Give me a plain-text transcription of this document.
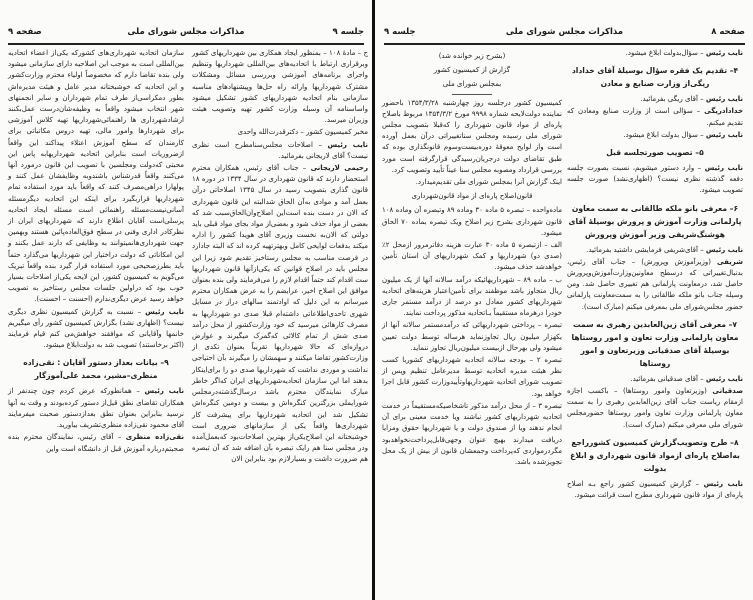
جلسه ۹
مذاکرات مجلس شورای ملی
صفحه ۹

ج – مادهٔ ۱۰۸ – بمنظور ایجاد همکاری بین شهرداریهای کشور وبرقراری ارتباط با اتحادیه‌های بین‌المللی شهرداریها وتنظیم واجرای برنامه‌های آموزشی وبررسی مسائل ومشکلات مشترک شهرداریها وارائه راه حل‌ها وپیشنهادهای مناسبه سازمانی بنام اتحادیه شهرداریهای کشور تشکیل میشود واساسنامه آن وسیله وزارت کشور تهیه وتصویب هیئت وزیران میرسد.

مخبر کمیسیون کشور – دکترقدرت‌الله واحدی

نایب رئیس – اصلاحات مجلس‌سنامطرح است نظری نیست؟ آقای لاریجانی بفرمائید.

رحیمی لاریجانی – جناب آقای رئیس، همکاران محترم استحضار دارند که قانون شهرداری در سال ۱۳۳۴ در دوره ۱۸ قانون گذاری بتصویب رسید در سال ۱۳۴۵ اصلاحاتی درآن بعمل آمد و موادی به‌آن الحاق شدالبته این قانون شهرداری که الان در دست بنده است‌این اصلاح‌وان‌الحاق‌سبب شد که بعضی از مواد حذف شود و بعضی‌از مواد بجای مواد قبلی باید دولتی که الان‌به نخست وزیری آقای هویدا کشور را اداره میکند بدفعات لوایحی کامل وبهترتهیه کرده اند که البته جادارد در فرصت مناسب به مجلس رستاخیز تقدیم شود زیرا این مجلس باید در اصلاح قوانین که یکی‌ازآنها قانون شهرداریها ست اقدام کند حتماً اقدام لازم را می‌فرمایند ولی بنده بعنوان موافق این اصلاح اخیر، عرایضم را به عرض همکاران محترم میرسانم به این دلیل که اوادتمند سالهای دراز در مسایل شهری تاحدی‌اطلاعاتی داشته‌ام قبلا صدی دو شهرداریها به مصرف کارهائی میرسید که خود وزارت‌کشور از محل درآمد صدی شش از تمام کالائی که‌گمرک میگیرند و عوارض دروازه‌ای که حالا شهرداریها تقریباً بعنوان تکدی از وزارت‌کشور تقاضا میکنند و سهمشان را میگیرند بآن احتیاجی نداشت و موردی نداشت که شهرداریها صدی دو را برای‌اینکار بدهند اما این سازمان اتحادیه‌شهرداریهای ایران که‌اگر خاطر مبارک نمایندگان محترم باشد درسال‌گذشته‌درمجلس شورایملی بزرگترین کنگره‌اش و بیست و دومین کنگره‌اش تشکیل شد این اتحادیه شهرداریها برای پیشرفت کار شهرداری‌ها واقعاً یکی از سازمانهای ضروری است خوشبختانه این اصلاح‌یکی‌از بهترین اصلاحات‌بود که‌بعمل‌آمده ودر مجلس سنا هم رایک تبصره بآن اضافه شد که آن تبصره هم ضرورت داشت و بسیارلازم بود بنابراین الان

سازمان اتحادیه شهرداری‌های کشورکه یکی‌از اعضاء اتحادیه بین‌المللی است به موجب این اصلاحیه دارای سازمانی میشود ولی بنده تقاضا دارم که مخصوصاً اولیاء محترم وزارت‌کشور و این اتحادیه که خوشبختانه مدیر عامل و هیئت مدیره‌اش بطور دمکراسی‌از طرف تمام شهرداران و سایر انجمنهای شهر انتخاب میشود واقعاً به وظیفه‌شان‌درست عمل‌بکنند ارشادشهرداری ها راهنمائی‌شهرداریها تهیه کلاس آموزشی برای شهردارها وامور مالی، تهیه دروس مکاتباتی برای کارمندان که سطح آموزش اعتلاء پیداکند این واقعاً ازضروریات است بنابراین اتحادیه شهرداریهابه پاس این محبتی که‌دولت ومجلسین با تصویب این قانون درمورد آنها می‌کنند واقعاً قدرشناس باشندوبه وظایفشان عمل کنند و پولهارا دراهی‌مصرف کنند که واقعاً باید مورد استفاده تمام شهرداریها قراربگیرد برای اینکه این اتحادیه دیگرمسئله آسانی‌نیست‌مسئله راهنمائی است مسئله ایجاد اتحادیه پرسلی‌است آقایان اطلاع دارند که شهرداریهای ایران از نظرکادر اداری وفنی در سطح فوق‌العاده‌پائین هستند وبهمین جهت شهرداری‌هانمیتوانند به وظایفی که دارند عمل بکنند و این امکاناتی که دولت دراختیار این شهرداریها می‌گذارد حتماً باید بطرزصحیحی مورد استفاده قرار گیرد بنده واقعاً تبریک می‌گویم به کمیسیون کشور، این لایحه یکی‌از اصلاحات بسیار خوب بود که دراولین جلسات مجلس رستاخیز به تصویب خواهد رسید عرض دیگری‌ندارم (احسنت – احسنت).

نایب رئیس – نسبت به گزارش کمیسیون نظری دیگری نیست؟ (اظهاری نشد) بگزارش کمیسیون کشور رأی میگیریم خانمها وآقایانی که موافقند خواهش‌می کنم قیام فرمایند (اکثر برخاستند) تصویب شد به دولت‌ابلاغ میشود.

۹– بیانات بعداز دستور آقایان : نقی‌زاده منظری–مشیر، محمد علی‌آموزگار

نایب رئیس – همانطورکه عرض کردم چون چندنفر از همکاران تقاضای نطق قبل‌از دستور کرده‌بودند و وقت به آنها نرسید بنابراین بعنوان نطق بعدازدستور صحبت میفرمایند آقای محمود نقی‌زاده منظری‌تشریف بیاورید.

نقی‌زاده منظری – آقای رئیس، نمایندگان محترم بنده صحبتم‌درباره آموزش قبل از دانشگاه است واین

صفحه ۸
مذاکرات مجلس شورای ملی
جلسه ۹

نایب رئیس – سؤال‌بدولت ابلاغ میشود.

۴– تقدیم یک فقره سؤال بوسیلهٔ آقای خداداد ریگی‌از وزارت صنایع و معادن

نایب رئیس – آقای ریگی بفرمائید.

خدادادریگی – سؤالی است از وزارت صنایع ومعادن که تقدیم میکنم.

نایب رئیس – سؤال بدولت ابلاغ میشود.

۵– تصویب صورتجلسه قبل

نایب رئیس – وارد دستور میشویم، نسبت بصورت جلسه دفعه گذشته نظری نیست؟ (اظهاری‌نشد) صورت جلسه تصویب میشود.

۶– معرفی بانو ملکه طالقانی به سمت معاون پارلمانی وزارت آموزش و پرورش بوسیلهٔ آقای هوشنگ‌شریفی وزیر آموزش وپرورش

نایب رئیس – آقای‌شریفی فرمایشی داشتید بفرمائید.

شریفی (وزیرآموزش وپرورش) – جناب آقای رئیس، بدنبال‌تغییراتی که درسطح معاونین‌وزارت‌آموزش‌وپرورش حاصل شد، درمعاونت پارلمانی هم تغییری حاصل شد. ومن وسیله جناب بانو ملکه طالقانی را به سمت‌معاونت پارلمانی حضور مجلس‌شورای ملی بمعرفی میکنم (مبارک است).

۷– معرفی آقای زین‌العابدین رهبری به سمت معاون پارلمانی وزارت تعاون و امور روستاها بوسیلهٔ آقای صدقیانی وزیرتعاون و امور روستاها

نایب رئیس – آقای صدقیانی بفرمائید.

صدقیانی (وزیرتعاون وامور روستاها) – باکسب اجازه ازمقام ریاست جناب آقای زین‌العابدین رهبری را به سمت معاون پارلمانی وزارت تعاون وامور روستاها حضورمجلس شورای ملی معرفی میکنم (مبارک است).

۸– طرح وتصویب‌گزارش کمیسیون کشورراجع به‌اصلاح پاره‌ای ازمواد قانون شهرداری و ابلاغ بدولت

نایب رئیس – گزارش کمیسیون کشور راجع بـه اصلاح پاره‌ای از مواد قانون شهرداری مطرح است قرائت میشود.

(بشرح زیر خوانده شد)

گزارش از کمیسیون کشور

بمجلس شورای ملی

کمیسیون کشور درجلسه روز چهارشنبه ۱۳۵۴/۳/۲۸ باحضور نماینده دولت‌لایحه شماره ۹۹۹۸ مورخ ۱۳۵۴/۳/۲ مربوط باصلاح پاره‌ای از مواد قانون شهرداری را که‌قبلا بتصویب مجلس شورای ملی رسیده ومجلس سناتغییراتی درآن بعمل آورده است واز لوایح معوقهٔ دوره‌بیست‌وسوم قانونگذاری بوده که طبق تقاضای دولت درجریان‌رسیدگی قرارگرفته است مورد بررسی قرارداد ومصوبه مجلس سنا عیناً تأیید وتصویب کرد.

اینک گزارش آنرا بمجلس شورای ملی تقدیم‌میدارد.

قانون‌اصلاح پاره‌ای از مواد قانون‌شهرداری

ماده‌واحده – تبصره ۵ ماده ۳۰ وماده ۸۹ وتبصره آن وماده ۱۰۸ قانون شهرداری بشرح زیر اصلاح ویک تبصره بماده ۷۰ الحاق میشود.

الف – ازتبصره ۵ ماده ۳۰ عبارت هزینه دفاترمرور ازمحل ۲٪ (صدی دو) شهرداریها و کمک شهرداریهای آن استان تأمین خواهدشد حذف میشود.

ب – ماده ۸۹ – شهرداریهائیکه درآمد سالانه آنها از یک میلیون ریال متجاوز باشد موظفند برای تأمین‌اعتبار هزینه‌های اتحادیه شهرداریهای کشور معادل دو درصد از درآمد مستمر جاری خودرا درهرماه مستقیماً بـاتحادیه مذکور پرداخت نمایند.

تبصره – پرداختی شهرداریهائی که درآمدمستمر سالانه آنها از یکهزار میلیون ریال تجاوزنماید هرساله توسط دولت تعیین میشود ولی بهرحال ازبیست میلیون‌ریال تجاوز ننماید.

تبصره ۲ – بودجه سالانه اتحادیه شهرداریهای کشوربا کسب نظر هیئت مدیره اتحادیه توسط مدیرعامل تنظیم وپس از تصویب شورای اتحادیه شهرداریهاوتأییدوزارت کشور قابل اجرا خواهد بود.

تبصره ۳ – از محل درآمد مذکور تاشخاصیکه‌مستقیماً در خدمت اتحادیه شهرداریهای کشور نباشند ویا خدمت معینی برای آن انجام ندهند ویا از صندوق دولت و یا شهرداریها حقوق ومزایا دریافت میدارند بهیچ عنوان وجهی‌قابل‌پرداخت‌نخواهدبود مگردرمواردی که‌پرداخت وجمعشان قانون از بیش از یک محل تجویزشده باشد.
